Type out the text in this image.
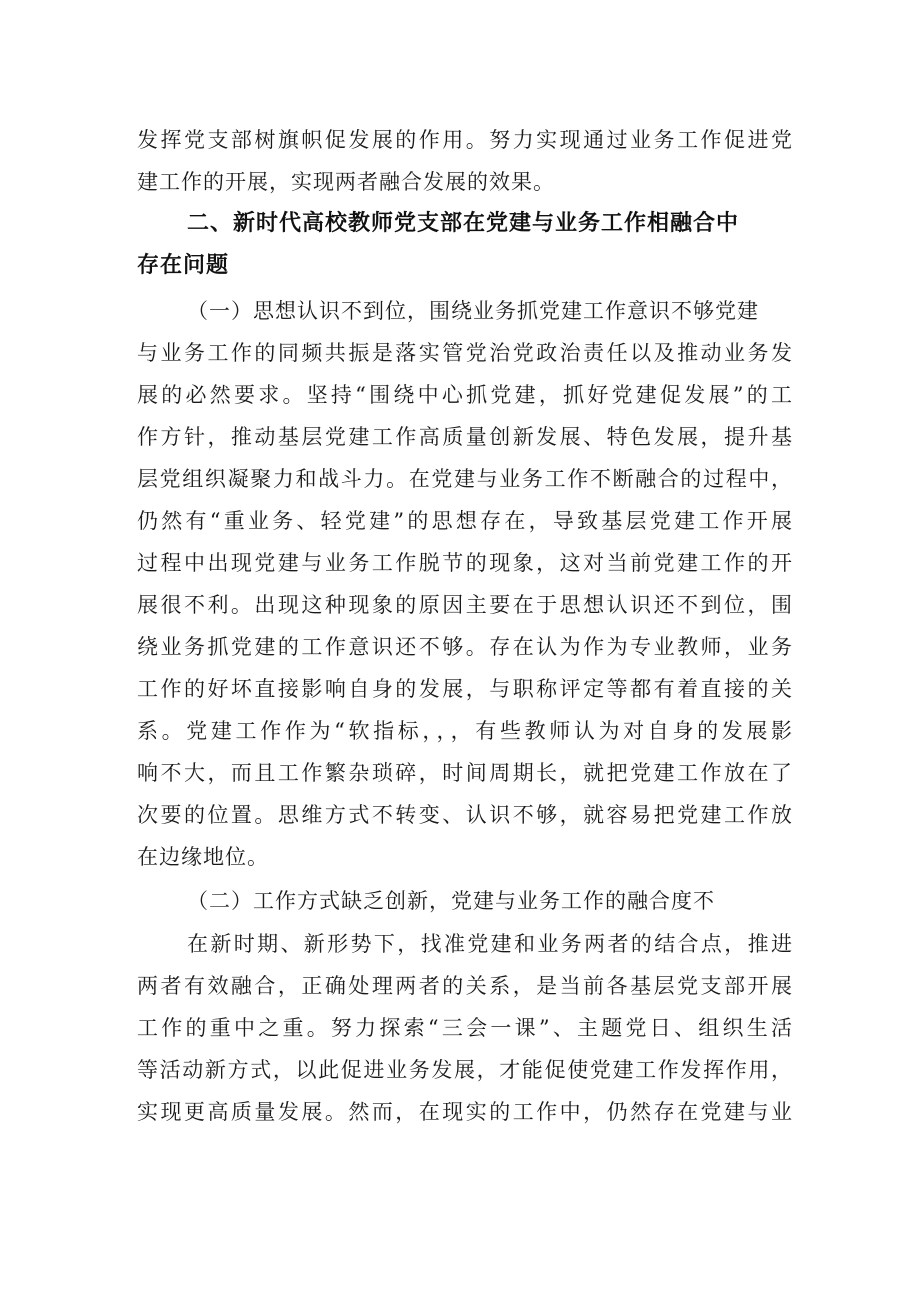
发挥党支部树旗帜促发展的作用。努力实现通过业务工作促进党
建工作的开展，实现两者融合发展的效果。
二、新时代高校教师党支部在党建与业务工作相融合中
存在问题
（一）思想认识不到位，围绕业务抓党建工作意识不够党建
与业务工作的同频共振是落实管党治党政治责任以及推动业务发
展的必然要求。坚持“围绕中心抓党建，抓好党建促发展”的工
作方针，推动基层党建工作高质量创新发展、特色发展，提升基
层党组织凝聚力和战斗力。在党建与业务工作不断融合的过程中，
仍然有“重业务、轻党建”的思想存在，导致基层党建工作开展
过程中出现党建与业务工作脱节的现象，这对当前党建工作的开
展很不利。出现这种现象的原因主要在于思想认识还不到位，围
绕业务抓党建的工作意识还不够。存在认为作为专业教师，业务
工作的好坏直接影响自身的发展，与职称评定等都有着直接的关
系。党建工作作为“软指标，，，有些教师认为对自身的发展影
响不大，而且工作繁杂琐碎，时间周期长，就把党建工作放在了
次要的位置。思维方式不转变、认识不够，就容易把党建工作放
在边缘地位。
（二）工作方式缺乏创新，党建与业务工作的融合度不
在新时期、新形势下，找准党建和业务两者的结合点，推进
两者有效融合，正确处理两者的关系，是当前各基层党支部开展
工作的重中之重。努力探索“三会一课”、主题党日、组织生活
等活动新方式，以此促进业务发展，才能促使党建工作发挥作用，
实现更高质量发展。然而，在现实的工作中，仍然存在党建与业
